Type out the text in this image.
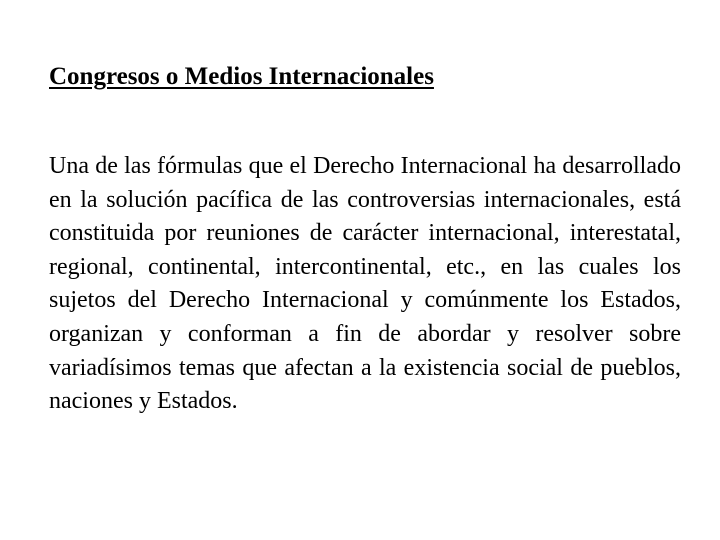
Congresos o Medios Internacionales

Una de las fórmulas que el Derecho Internacional ha desarrollado en la solución pacífica de las controversias internacionales, está constituida por reuniones de carácter internacional, interestatal, regional, continental, intercontinental, etc., en las cuales los sujetos del Derecho Internacional y comúnmente los Estados, organizan y conforman a fin de abordar y resolver sobre variadísimos temas que afectan a la existencia social de pueblos, naciones y Estados.
